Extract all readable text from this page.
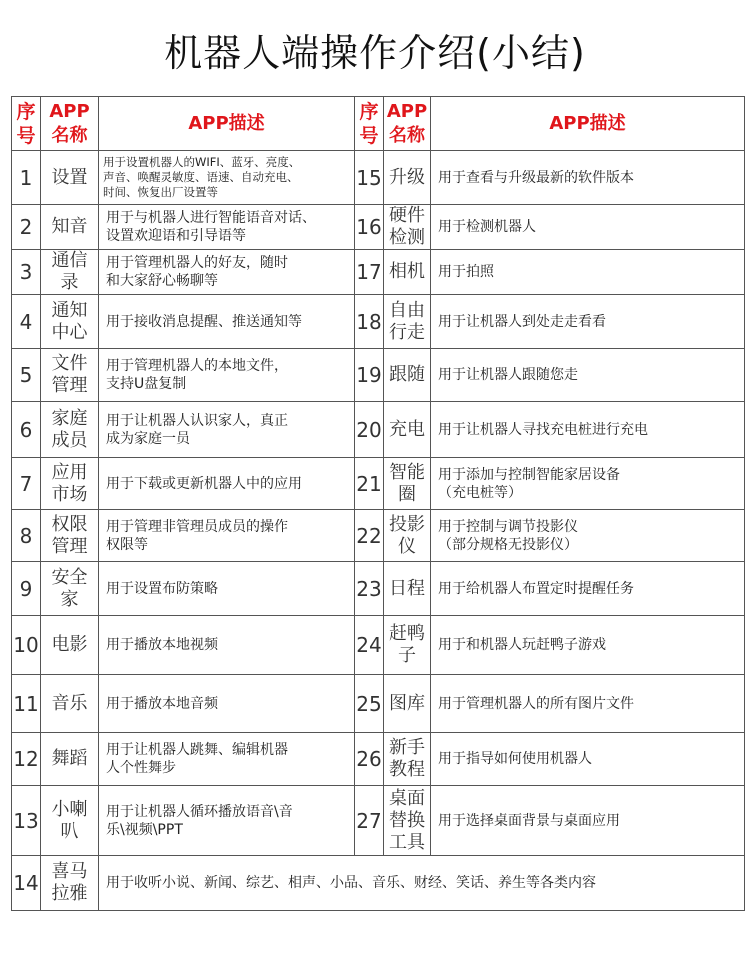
机器人端操作介绍(小结)
序号	APP名称	APP描述	序号	APP名称	APP描述
1	设置	用于设置机器人的WIFI、蓝牙、亮度、
声音、唤醒灵敏度、语速、自动充电、
时间、恢复出厂设置等	15	升级	用于查看与升级最新的软件版本

2	知音	用于与机器人进行智能语音对话、
设置欢迎语和引导语等	16	硬件检测	用于检测机器人

3	通信录	用于管理机器人的好友，随时
和大家舒心畅聊等	17	相机	用于拍照

4	通知中心	用于接收消息提醒、推送通知等	18	自由行走	用于让机器人到处走走看看

5	文件管理	用于管理机器人的本地文件，
支持U盘复制	19	跟随	用于让机器人跟随您走

6	家庭成员	用于让机器人认识家人，真正
成为家庭一员	20	充电	用于让机器人寻找充电桩进行充电

7	应用市场	用于下载或更新机器人中的应用	21	智能圈	用于添加与控制智能家居设备
（充电桩等）

8	权限管理	用于管理非管理员成员的操作
权限等	22	投影仪	用于控制与调节投影仪
（部分规格无投影仪）

9	安全家	用于设置布防策略	23	日程	用于给机器人布置定时提醒任务

10	电影	用于播放本地视频	24	赶鸭子	用于和机器人玩赶鸭子游戏

11	音乐	用于播放本地音频	25	图库	用于管理机器人的所有图片文件

12	舞蹈	用于让机器人跳舞、编辑机器
人个性舞步	26	新手教程	用于指导如何使用机器人

13	小喇叭	用于让机器人循环播放语音\音
乐\视频\PPT	27	桌面替换工具	用于选择桌面背景与桌面应用

14	喜马拉雅	用于收听小说、新闻、综艺、相声、小品、音乐、财经、笑话、养生等各类内容			
